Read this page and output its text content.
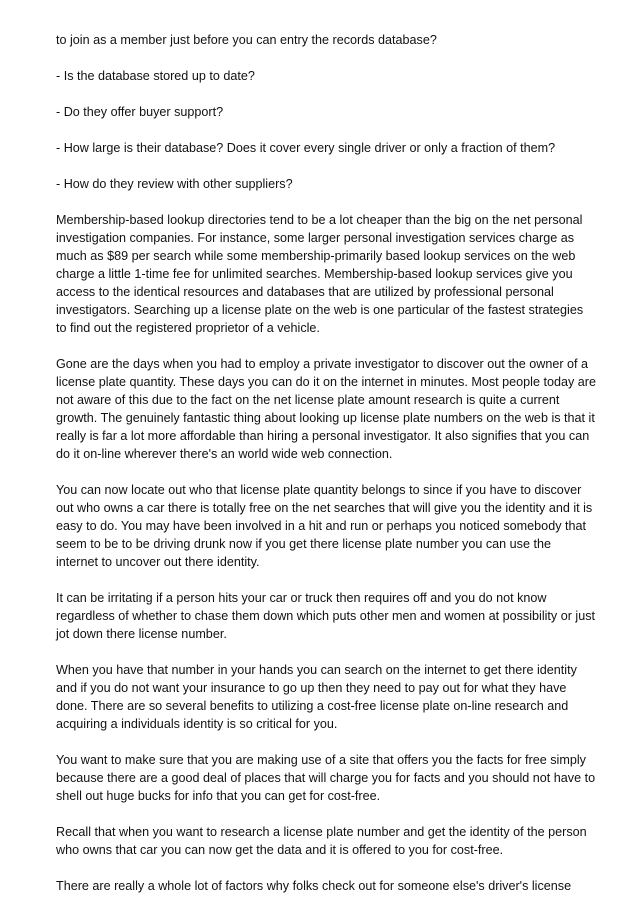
to join as a member just before you can entry the records database?

- Is the database stored up to date?

- Do they offer buyer support?

- How large is their database? Does it cover every single driver or only a fraction of them?

- How do they review with other suppliers?

Membership-based lookup directories tend to be a lot cheaper than the big on the net personal investigation companies. For instance, some larger personal investigation services charge as much as $89 per search while some membership-primarily based lookup services on the web charge a little 1-time fee for unlimited searches. Membership-based lookup services give you access to the identical resources and databases that are utilized by professional personal investigators. Searching up a license plate on the web is one particular of the fastest strategies to find out the registered proprietor of a vehicle.

Gone are the days when you had to employ a private investigator to discover out the owner of a license plate quantity. These days you can do it on the internet in minutes. Most people today are not aware of this due to the fact on the net license plate amount research is quite a current growth. The genuinely fantastic thing about looking up license plate numbers on the web is that it really is far a lot more affordable than hiring a personal investigator. It also signifies that you can do it on-line wherever there's an world wide web connection.

You can now locate out who that license plate quantity belongs to since if you have to discover out who owns a car there is totally free on the net searches that will give you the identity and it is easy to do. You may have been involved in a hit and run or perhaps you noticed somebody that seem to be to be driving drunk now if you get there license plate number you can use the internet to uncover out there identity.

It can be irritating if a person hits your car or truck then requires off and you do not know regardless of whether to chase them down which puts other men and women at possibility or just jot down there license number.

When you have that number in your hands you can search on the internet to get there identity and if you do not want your insurance to go up then they need to pay out for what they have done. There are so several benefits to utilizing a cost-free license plate on-line research and acquiring a individuals identity is so critical for you.

You want to make sure that you are making use of a site that offers you the facts for free simply because there are a good deal of places that will charge you for facts and you should not have to shell out huge bucks for info that you can get for cost-free.

Recall that when you want to research a license plate number and get the identity of the person who owns that car you can now get the data and it is offered to you for cost-free.

There are really a whole lot of factors why folks check out for someone else's driver's license
